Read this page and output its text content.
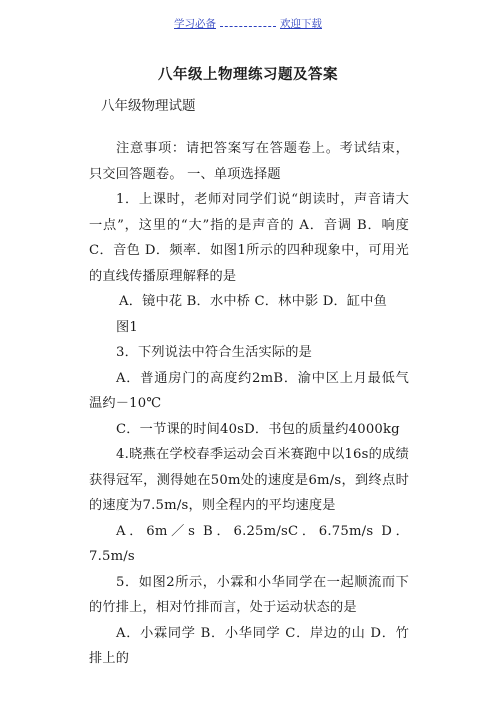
学习必备	欢迎下载
八年级上物理练习题及答案
八年级物理试题

注意事项：请把答案写在答题卷上。考试结束，只交回答题卷。 一、单项选择题

1．上课时，老师对同学们说“朗读时，声音请大一点”，这里的“大”指的是声音的 A．音调 B．响度 C．音色 D．频率．如图1所示的四种现象中，可用光的直线传播原理解释的是

A．镜中花 B．水中桥 C．林中影 D．缸中鱼

图1

3．下列说法中符合生活实际的是

A．普通房门的高度约2mB．渝中区上月最低气温约－10℃

C．一节课的时间40sD．书包的质量约4000kg

4.晓燕在学校春季运动会百米赛跑中以16s的成绩获得冠军，测得她在50m处的速度是6m/s，到终点时的速度为7.5m/s，则全程内的平均速度是

A．6m／s B．6.25m/sC．6.75m/s D．7.5m/s

5．如图2所示，小霖和小华同学在一起顺流而下的竹排上，相对竹排而言，处于运动状态的是

A．小霖同学 B．小华同学 C．岸边的山 D．竹排上的
